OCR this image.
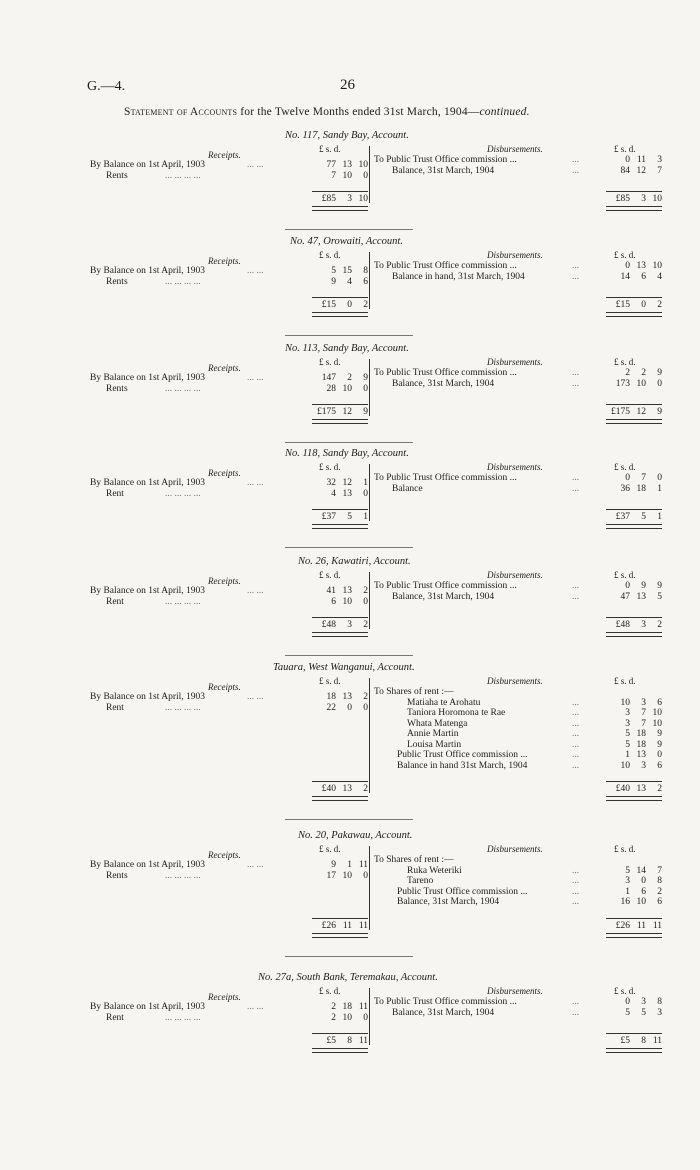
G.—4.	26
Statement of Accounts for the Twelve Months ended 31st March, 1904—continued.
No. 117, Sandy Bay, Account.
Receipts.
Disbursements.
£ s. d.	£ s. d.
By Balance on 1st April, 1903	... ...	77 13 10
Rents	... ... ... ...	7 10 0
To Public Trust Office commission ...	...	0 11 3
Balance, 31st March, 1904	...	84 12 7
£85 3 10	£85 3 10
No. 47, Orowaiti, Account.
Receipts.
Disbursements.
£ s. d.	£ s. d.
By Balance on 1st April, 1903	... ...	5 15 8
Rents	... ... ... ...	9 4 6
To Public Trust Office commission ...	...	0 13 10
Balance in hand, 31st March, 1904	...	14 6 4
£15 0 2	£15 0 2
No. 113, Sandy Bay, Account.
Receipts.
Disbursements.
£ s. d.	£ s. d.
By Balance on 1st April, 1903	... ...	147 2 9
Rents	... ... ... ...	28 10 0
To Public Trust Office commission ...	...	2 2 9
Balance, 31st March, 1904	...	173 10 0
£175 12 9	£175 12 9
No. 118, Sandy Bay, Account.
Receipts.
Disbursements.
£ s. d.	£ s. d.
By Balance on 1st April, 1903	... ...	32 12 1
Rent	... ... ... ...	4 13 0
To Public Trust Office commission ...	...	0 7 0
Balance	...	36 18 1
£37 5 1	£37 5 1
No. 26, Kawatiri, Account.
Receipts.
Disbursements.
£ s. d.	£ s. d.
By Balance on 1st April, 1903	... ...	41 13 2
Rent	... ... ... ...	6 10 0
To Public Trust Office commission ...	...	0 9 9
Balance, 31st March, 1904	...	47 13 5
£48 3 2	£48 3 2
Tauara, West Wanganui, Account.
Receipts.
Disbursements.
£ s. d.	£ s. d.
By Balance on 1st April, 1903	... ...	18 13 2
Rent	... ... ... ...	22 0 0
To Shares of rent :—
Matiaha te Arohatu	...	10 3 6
Taniora Horomona te Rae	...	3 7 10
Whata Matenga	...	3 7 10
Annie Martin	...	5 18 9
Louisa Martin	...	5 18 9
Public Trust Office commission ...	...	1 13 0
Balance in hand 31st March, 1904	...	10 3 6
£40 13 2	£40 13 2
No. 20, Pakawau, Account.
Receipts.
Disbursements.
£ s. d.	£ s. d.
By Balance on 1st April, 1903	... ...	9 1 11
Rents	... ... ... ...	17 10 0
To Shares of rent :—
Ruka Weteriki	...	5 14 7
Tareno	...	3 0 8
Public Trust Office commission ...	...	1 6 2
Balance, 31st March, 1904	...	16 10 6
£26 11 11	£26 11 11
No. 27a, South Bank, Teremakau, Account.
Receipts.
Disbursements.
£ s. d.	£ s. d.
By Balance on 1st April, 1903	... ...	2 18 11
Rent	... ... ... ...	2 10 0
To Public Trust Office commission ...	...	0 3 8
Balance, 31st March, 1904	...	5 5 3
£5 8 11	£5 8 11
